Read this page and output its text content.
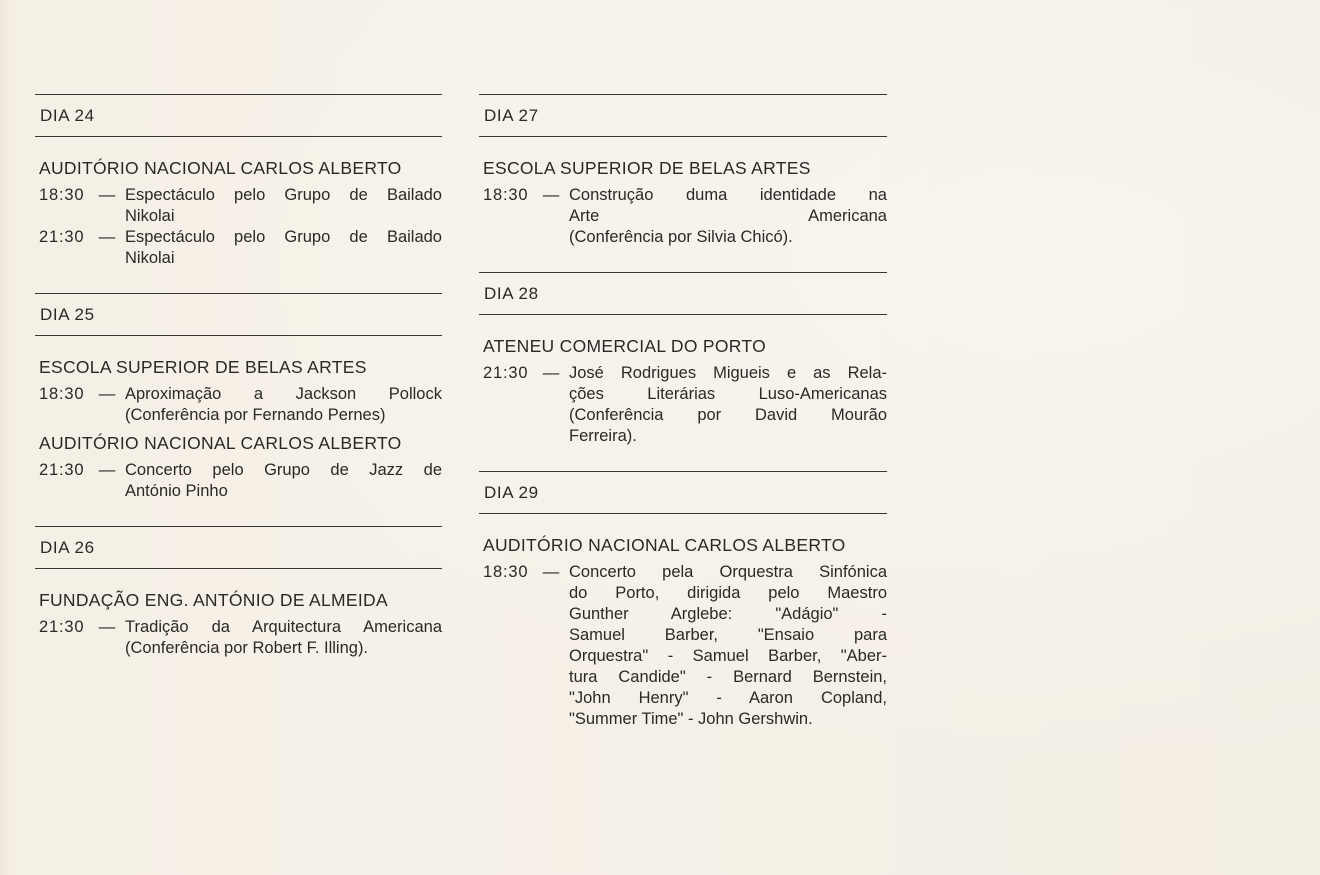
DIA 24
AUDITÓRIO NACIONAL CARLOS ALBERTO
18:30 — Espectáculo pelo Grupo de Bailado
Nikolai
21:30 — Espectáculo pelo Grupo de Bailado
Nikolai
DIA 25
ESCOLA SUPERIOR DE BELAS ARTES
18:30 — Aproximação a Jackson Pollock
(Conferência por Fernando Pernes)
AUDITÓRIO NACIONAL CARLOS ALBERTO
21:30 — Concerto pelo Grupo de Jazz de
António Pinho
DIA 26
FUNDAÇÃO ENG. ANTÓNIO DE ALMEIDA
21:30 — Tradição da Arquitectura Americana
(Conferência por Robert F. Illing).
DIA 27
ESCOLA SUPERIOR DE BELAS ARTES
18:30 — Construção duma identidade na
Arte Americana
(Conferência por Silvia Chicó).
DIA 28
ATENEU COMERCIAL DO PORTO
21:30 — José Rodrigues Migueis e as Rela-
ções Literárias Luso-Americanas
(Conferência por David Mourão
Ferreira).
DIA 29
AUDITÓRIO NACIONAL CARLOS ALBERTO
18:30 — Concerto pela Orquestra Sinfónica
do Porto, dirigida pelo Maestro
Gunther Arglebe: "Adágio" -
Samuel Barber, "Ensaio para
Orquestra" - Samuel Barber, "Aber-
tura Candide" - Bernard Bernstein,
"John Henry" - Aaron Copland,
"Summer Time" - John Gershwin.
